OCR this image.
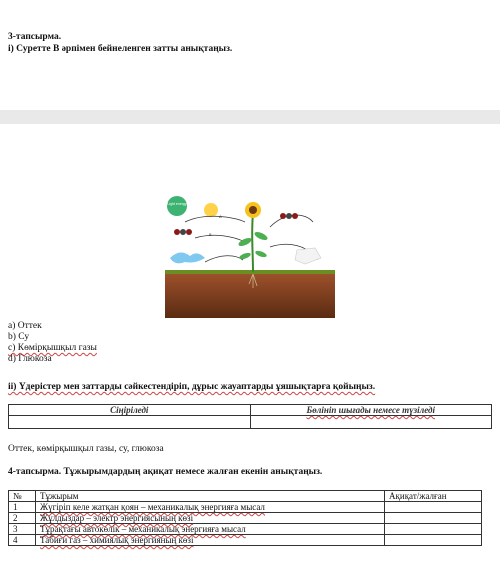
3-тапсырма.
і) Суретте В әрпімен бейнеленген затты анықтаңыз.
Light energy
B
A
a) Оттек
b) Су
c) Көмірқышқыл газы
d) Глюкоза
іі) Үдерістер мен заттарды сәйкестендіріп, дұрыс жауаптарды ұяшықтарға қойыңыз.
Сіңіріледі	Бөлініп шығады немесе түзіледі

Оттек, көмірқышқыл газы, су, глюкоза
4-тапсырма. Тұжырымдардың ақиқат немесе жалған екенін анықтаңыз.
№	Тұжырым	Ақиқат/жалған
1	Жүгіріп келе жатқан қоян – механикалық энергияға мысал	
2	Жұлдыздар – электр энергиясының көзі	
3	Тұрақтағы автокөлік – механикалық энергияға мысал	
4	Табиғи газ – химиялық энергияның көзі	
